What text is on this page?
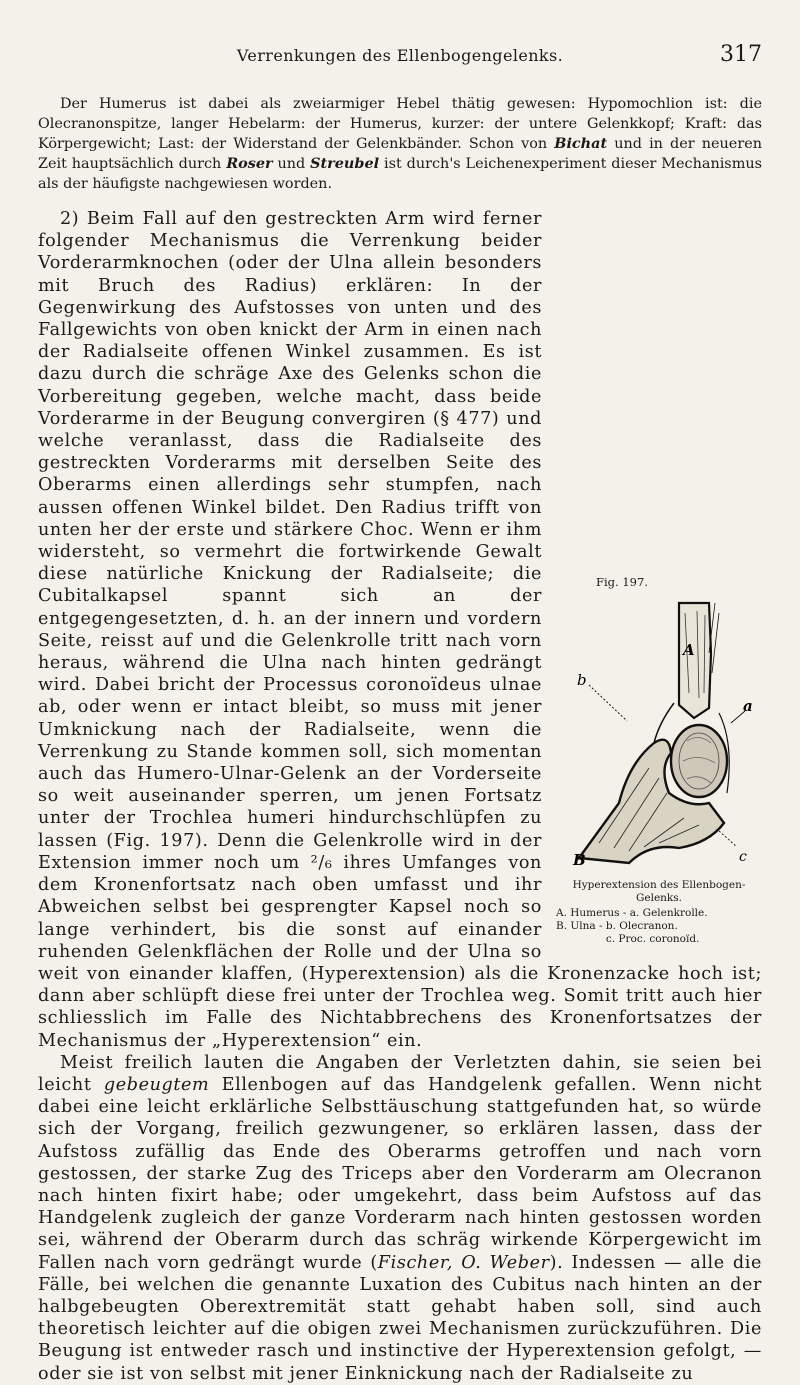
Verrenkungen des Ellenbogengelenks.	317

Der Humerus ist dabei als zweiarmiger Hebel thätig gewesen: Hypomochlion ist: die Olecranonspitze, langer Hebelarm: der Humerus, kurzer: der untere Gelenkkopf; Kraft: das Körpergewicht; Last: der Widerstand der Gelenkbänder. Schon von Bichat und in der neueren Zeit hauptsächlich durch Roser und Streubel ist durch's Leichenexperiment dieser Mechanismus als der häufigste nachgewiesen worden.

Fig. 197.
A
a
b
B	c
Hyperextension des Ellenbogen-Gelenks.
A. Humerus - a. Gelenkrolle.
B. Ulna -
b. Olecranon.
c. Proc. coronoïd.

2) Beim Fall auf den gestreckten Arm wird ferner folgender Mechanismus die Verrenkung beider Vorderarmknochen (oder der Ulna allein besonders mit Bruch des Radius) erklären: In der Gegenwirkung des Aufstosses von unten und des Fallgewichts von oben knickt der Arm in einen nach der Radialseite offenen Winkel zusammen. Es ist dazu durch die schräge Axe des Gelenks schon die Vorbereitung gegeben, welche macht, dass beide Vorderarme in der Beugung convergiren (§ 477) und welche veranlasst, dass die Radialseite des gestreckten Vorderarms mit derselben Seite des Oberarms einen allerdings sehr stumpfen, nach aussen offenen Winkel bildet. Den Radius trifft von unten her der erste und stärkere Choc. Wenn er ihm widersteht, so vermehrt die fortwirkende Gewalt diese natürliche Knickung der Radialseite; die Cubitalkapsel spannt sich an der entgegengesetzten, d. h. an der innern und vordern Seite, reisst auf und die Gelenkrolle tritt nach vorn heraus, während die Ulna nach hinten gedrängt wird. Dabei bricht der Processus coronoïdeus ulnae ab, oder wenn er intact bleibt, so muss mit jener Umknickung nach der Radialseite, wenn die Verrenkung zu Stande kommen soll, sich momentan auch das Humero-Ulnar-Gelenk an der Vorderseite so weit auseinander sperren, um jenen Fortsatz unter der Trochlea humeri hindurchschlüpfen zu lassen (Fig. 197). Denn die Gelenkrolle wird in der Extension immer noch um ²/₆ ihres Umfanges von dem Kronenfortsatz nach oben umfasst und ihr Abweichen selbst bei gesprengter Kapsel noch so lange verhindert, bis die sonst auf einander ruhenden Gelenkflächen der Rolle und der Ulna so weit von einander klaffen, (Hyperextension) als die Kronenzacke hoch ist; dann aber schlüpft diese frei unter der Trochlea weg. Somit tritt auch hier schliesslich im Falle des Nichtabbrechens des Kronenfortsatzes der Mechanismus der „Hyperextension“ ein.

Meist freilich lauten die Angaben der Verletzten dahin, sie seien bei leicht gebeugtem Ellenbogen auf das Handgelenk gefallen. Wenn nicht dabei eine leicht erklärliche Selbsttäuschung stattgefunden hat, so würde sich der Vorgang, freilich gezwungener, so erklären lassen, dass der Aufstoss zufällig das Ende des Oberarms getroffen und nach vorn gestossen, der starke Zug des Triceps aber den Vorderarm am Olecranon nach hinten fixirt habe; oder umgekehrt, dass beim Aufstoss auf das Handgelenk zugleich der ganze Vorderarm nach hinten gestossen worden sei, während der Oberarm durch das schräg wirkende Körpergewicht im Fallen nach vorn gedrängt wurde (Fischer, O. Weber). Indessen — alle die Fälle, bei welchen die genannte Luxation des Cubitus nach hinten an der halbgebeugten Oberextremität statt gehabt haben soll, sind auch theoretisch leichter auf die obigen zwei Mechanismen zurückzuführen. Die Beugung ist entweder rasch und instinctive der Hyperextension gefolgt, — oder sie ist von selbst mit jener Einknickung nach der Radialseite zu
